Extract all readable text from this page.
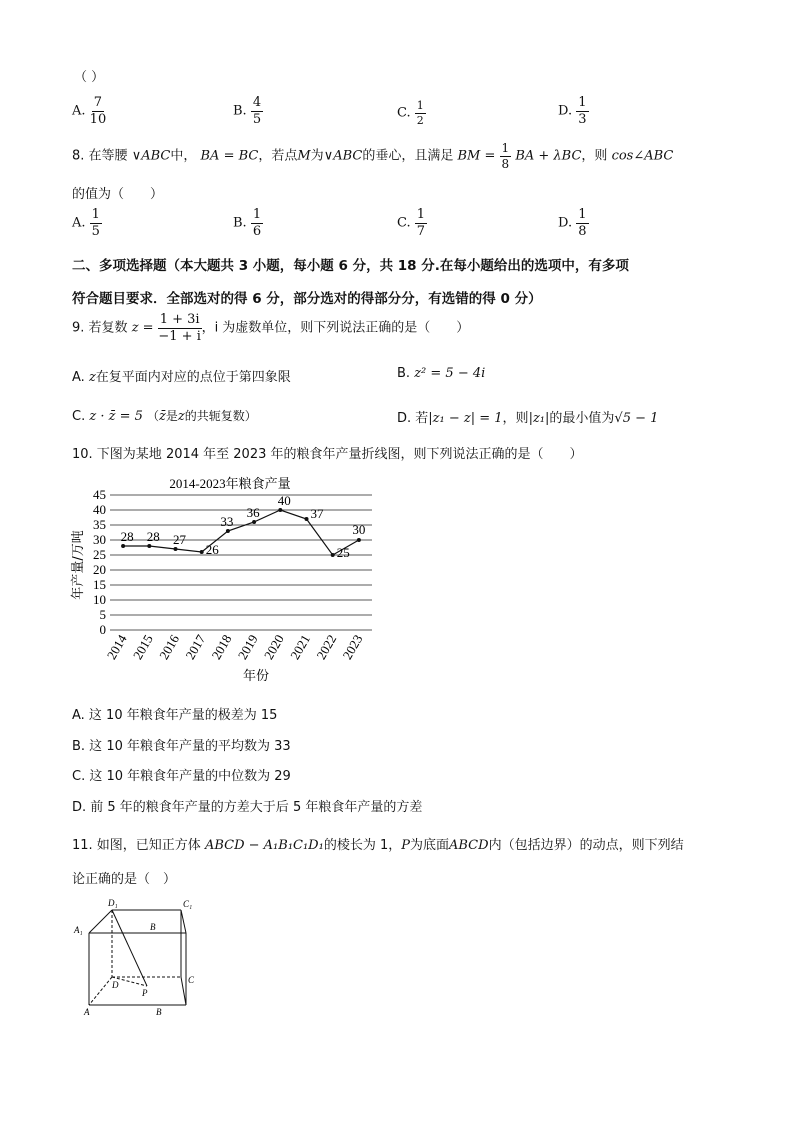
（ ）
A. $\frac{7}{10}$	B. $\frac{4}{5}$	C. $\frac{1}{2}$	D. $\frac{1}{3}$
8. 在等腰 ∨ABC中， BA = BC，若点M为∨ABC的垂心，且满足 BM = $\frac{1}{8}$ BA + λBC，则 cos∠ABC
的值为（　　）
A. $\frac{1}{5}$	B. $\frac{1}{6}$	C. $\frac{1}{7}$	D. $\frac{1}{8}$
二、多项选择题（本大题共 3 小题，每小题 6 分，共 18 分.在每小题给出的选项中，有多项
符合题目要求．全部选对的得 6 分，部分选对的得部分分，有选错的得 0 分）
9. 若复数 $z = \frac{1 + 3i}{-1 + i}$ ，i 为虚数单位，则下列说法正确的是（　　）
A. z在复平面内对应的点位于第四象限	B. z² = 5 − 4i
C. z · z̄ = 5 （z̄是z的共轭复数）	D. 若|z₁ − z| = 1，则|z₁|的最小值为√5 − 1
10. 下图为某地 2014 年至 2023 年的粮食年产量折线图，则下列说法正确的是（　　）
2014-2023年粮食产量
0
5
10
15
20
25
30
35
40
45
2014 2015 2016 2017 2018 2019 2020 2021 2022 2023
28 28 27
26
33
36
40
37
25
30
年产量/万吨
年份
A. 这 10 年粮食年产量的极差为 15
B. 这 10 年粮食年产量的平均数为 33
C. 这 10 年粮食年产量的中位数为 29
D. 前 5 年的粮食年产量的方差大于后 5 年粮食年产量的方差
11. 如图，已知正方体 ABCD − A₁B₁C₁D₁的棱长为 1，P为底面ABCD内（包括边界）的动点，则下列结
论正确的是（　）
D₁	C₁
A₁	B
D	C
A	B
P
